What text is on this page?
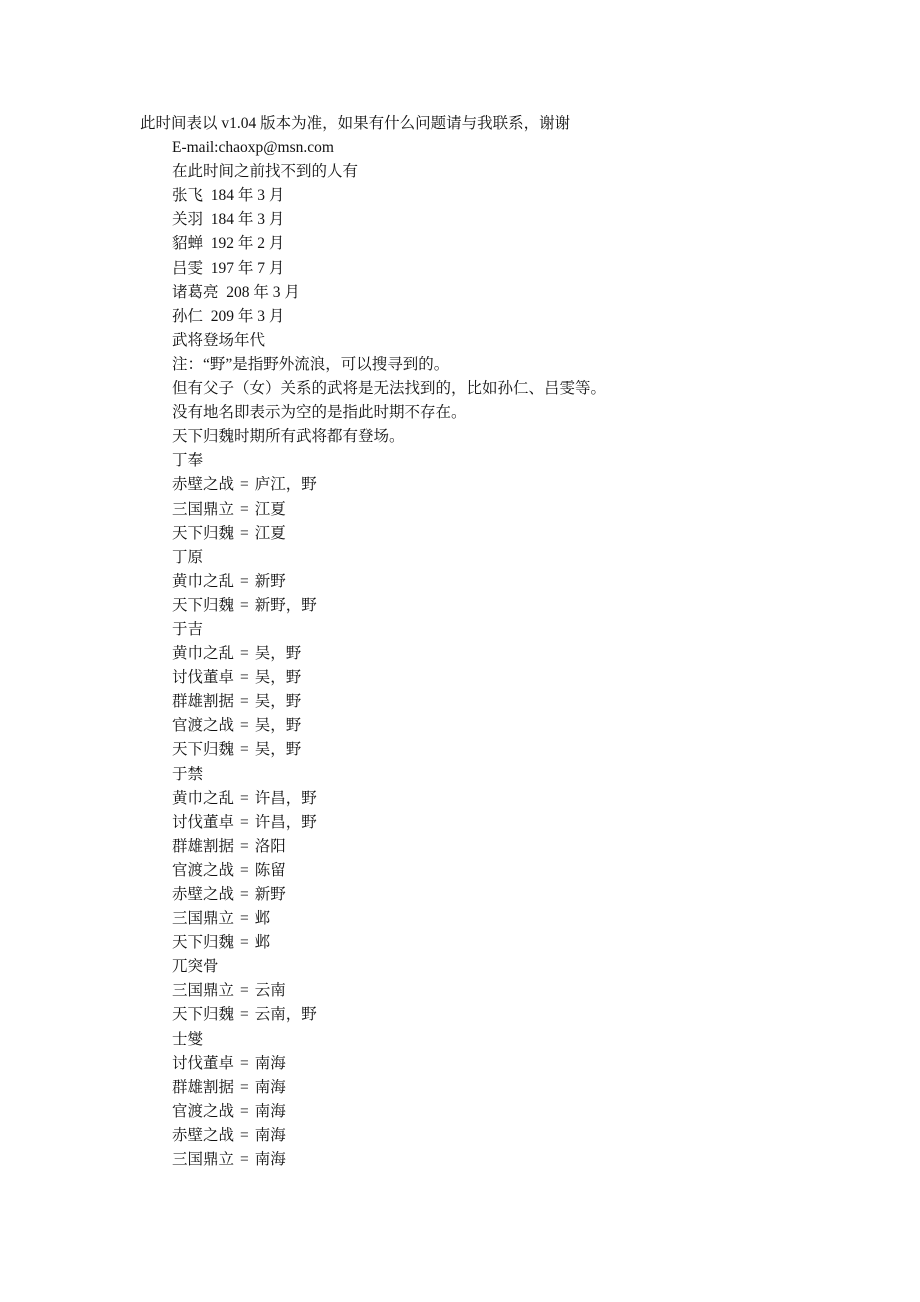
此时间表以 v1.04 版本为准，如果有什么问题请与我联系，谢谢
E-mail:chaoxp@msn.com
在此时间之前找不到的人有
张飞 184 年 3 月
关羽 184 年 3 月
貂蝉 192 年 2 月
吕雯 197 年 7 月
诸葛亮 208 年 3 月
孙仁 209 年 3 月
武将登场年代
注：“野”是指野外流浪，可以搜寻到的。
但有父子（女）关系的武将是无法找到的，比如孙仁、吕雯等。
没有地名即表示为空的是指此时期不存在。
天下归魏时期所有武将都有登场。
丁奉
赤壁之战 = 庐江，野
三国鼎立 = 江夏
天下归魏 = 江夏
丁原
黄巾之乱 = 新野
天下归魏 = 新野，野
于吉
黄巾之乱 = 吴，野
讨伐董卓 = 吴，野
群雄割据 = 吴，野
官渡之战 = 吴，野
天下归魏 = 吴，野
于禁
黄巾之乱 = 许昌，野
讨伐董卓 = 许昌，野
群雄割据 = 洛阳
官渡之战 = 陈留
赤壁之战 = 新野
三国鼎立 = 邺
天下归魏 = 邺
兀突骨
三国鼎立 = 云南
天下归魏 = 云南，野
士燮
讨伐董卓 = 南海
群雄割据 = 南海
官渡之战 = 南海
赤壁之战 = 南海
三国鼎立 = 南海
